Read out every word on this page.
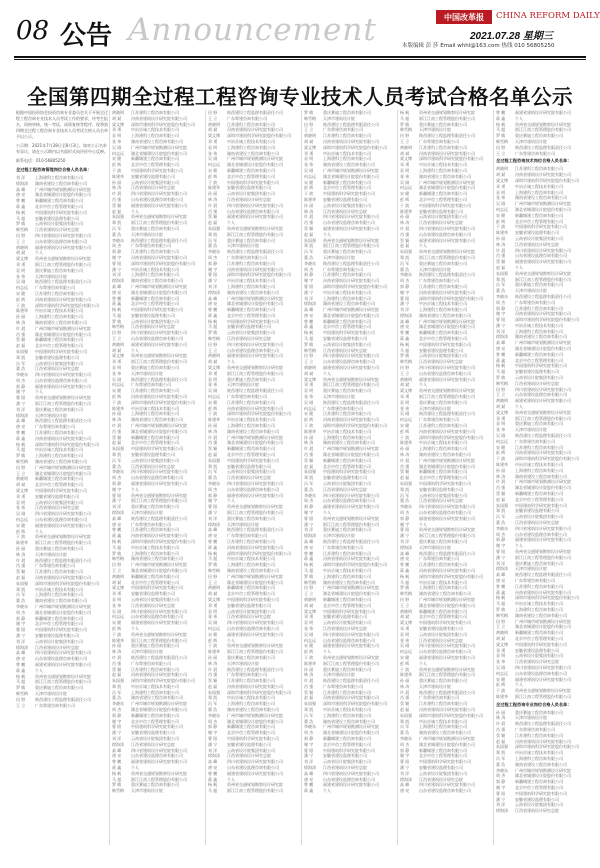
08 公告 Announcement	中国改革报	CHINA REFORM DAILY
2021.07.28 星期三
本版编辑 彭 莎 Email whhl@163.com 热线 010 56805250
全国第四期全过程工程咨询专业技术人员考试合格名单公示
根据中国投资协会投资咨询专业委员会关于开展全过程工程咨询专业技术人员考试工作的要求，经考生报名、资格审核、统一考试、成绩复核等程序，现将第四期全过程工程咨询专业技术人员考试合格人员名单予以公示。
公示期：2021年7月28日至8月3日。如对公示名单有异议，请在公示期内以书面形式向评价中心反映。
联系电话：010-56805250
全过程工程咨询管理岗位合格人员名单：
刘 洋	上海建科工程咨询有限公司
徐海涛	湖南省建设工程咨询有限公司
高 峰	广州市城市规划勘测设计研究院
唐 亮	湖北省城建设计院股份有限公司
曾 鹏	新疆城建工程咨询有限公司
蒋 鑫	北京中咨工程管理有限公司
杨 帆	中国建筑科学研究院有限公司
马 超	安徽省建设监理有限公司
罗 敏	云南省设计院集团有限公司
韩雪梅	江西省建筑设计研究总院
田 野	四川省建筑设计研究院有限公司
王 立	山东省建设监理咨询有限公司
黄晓明	福建省建筑设计研究院有限公司
胡 斌	个人
梁文博	贵州省交通规划勘察设计研究院
邓 勇	浙江江南工程管理股份有限公司
袁 明	重庆赛迪工程咨询有限公司
张 伟	天津市建筑设计院
吴 刚	陕西建设工程监理有限责任公司
何志远	广东粤建咨询有限公司
宋 健	江苏建科工程咨询有限公司
彭 辉	河南省建筑设计研究院有限公司
于 波	深圳市建筑科学研究院股份有限公司
陈建华	中冶京诚工程技术有限公司
孙 丽	上海建科工程咨询有限公司
林 涛	湖南省建设工程咨询有限公司
许 晨	广州市城市规划勘测设计研究院
肖 强	湖北省城建设计院股份有限公司
蔡 颖	新疆城建工程咨询有限公司
赵 磊	北京中咨工程管理有限公司
朱国强	中国建筑科学研究院有限公司
郑 凯	安徽省建设监理有限公司
冯 军	云南省设计院集团有限公司
董 浩	江西省建筑设计研究总院
李晓东	四川省建筑设计研究院有限公司
周 杰	山东省建设监理咨询有限公司
郭 静	福建省建筑设计研究院有限公司
谢 宇	个人
曹 阳	贵州省交通规划勘察设计研究院
潘 宁	浙江江南工程管理股份有限公司
刘 洋	重庆赛迪工程咨询有限公司
徐海涛	天津市建筑设计院
高 峰	陕西建设工程监理有限责任公司
唐 亮	广东粤建咨询有限公司
曾 鹏	江苏建科工程咨询有限公司
蒋 鑫	河南省建筑设计研究院有限公司
杨 帆	深圳市建筑科学研究院股份有限公司
马 超	中冶京诚工程技术有限公司
罗 敏	上海建科工程咨询有限公司
韩雪梅	湖南省建设工程咨询有限公司
田 野	广州市城市规划勘测设计研究院
王 立	湖北省城建设计院股份有限公司
黄晓明	新疆城建工程咨询有限公司
胡 斌	北京中咨工程管理有限公司
梁文博	中国建筑科学研究院有限公司
邓 勇	安徽省建设监理有限公司
袁 明	云南省设计院集团有限公司
张 伟	江西省建筑设计研究总院
吴 刚	四川省建筑设计研究院有限公司
何志远	山东省建设监理咨询有限公司
宋 健	福建省建筑设计研究院有限公司
彭 辉	个人
于 波	贵州省交通规划勘察设计研究院
陈建华	浙江江南工程管理股份有限公司
孙 丽	重庆赛迪工程咨询有限公司
林 涛	天津市建筑设计院
许 晨	陕西建设工程监理有限责任公司
肖 强	广东粤建咨询有限公司
蔡 颖	江苏建科工程咨询有限公司
赵 磊	河南省建筑设计研究院有限公司
朱国强	深圳市建筑科学研究院股份有限公司
郑 凯	中冶京诚工程技术有限公司
冯 军	上海建科工程咨询有限公司
董 浩	湖南省建设工程咨询有限公司
李晓东	广州市城市规划勘测设计研究院
周 杰	湖北省城建设计院股份有限公司
郭 静	新疆城建工程咨询有限公司
谢 宇	北京中咨工程管理有限公司
曹 阳	中国建筑科学研究院有限公司
潘 宁	安徽省建设监理有限公司
刘 洋	云南省设计院集团有限公司
徐海涛	江西省建筑设计研究总院
高 峰	四川省建筑设计研究院有限公司
唐 亮	山东省建设监理咨询有限公司
曾 鹏	福建省建筑设计研究院有限公司
蒋 鑫	个人
杨 帆	贵州省交通规划勘察设计研究院
马 超	浙江江南工程管理股份有限公司
罗 敏	重庆赛迪工程咨询有限公司
韩雪梅	天津市建筑设计院
田 野	陕西建设工程监理有限责任公司
王 立	广东粤建咨询有限公司
黄晓明	江苏建科工程咨询有限公司
胡 斌	河南省建筑设计研究院有限公司
梁文博	深圳市建筑科学研究院股份有限公司
邓 勇	中冶京诚工程技术有限公司
袁 明	上海建科工程咨询有限公司
张 伟	湖南省建设工程咨询有限公司
吴 刚	广州市城市规划勘测设计研究院
何志远	湖北省城建设计院股份有限公司
宋 健	新疆城建工程咨询有限公司
彭 辉	北京中咨工程管理有限公司
于 波	中国建筑科学研究院有限公司
陈建华	安徽省建设监理有限公司
孙 丽	云南省设计院集团有限公司
林 涛	江西省建筑设计研究总院
许 晨	四川省建筑设计研究院有限公司
肖 强	山东省建设监理咨询有限公司
蔡 颖	福建省建筑设计研究院有限公司
赵 磊	个人
朱国强	贵州省交通规划勘察设计研究院
郑 凯	浙江江南工程管理股份有限公司
冯 军	重庆赛迪工程咨询有限公司
董 浩	天津市建筑设计院
李晓东	陕西建设工程监理有限责任公司
周 杰	广东粤建咨询有限公司
郭 静	江苏建科工程咨询有限公司
谢 宇	河南省建筑设计研究院有限公司
曹 阳	深圳市建筑科学研究院股份有限公司
潘 宁	中冶京诚工程技术有限公司
刘 洋	上海建科工程咨询有限公司
徐海涛	湖南省建设工程咨询有限公司
高 峰	广州市城市规划勘测设计研究院
唐 亮	湖北省城建设计院股份有限公司
曾 鹏	新疆城建工程咨询有限公司
蒋 鑫	北京中咨工程管理有限公司
杨 帆	中国建筑科学研究院有限公司
马 超	安徽省建设监理有限公司
罗 敏	云南省设计院集团有限公司
韩雪梅	江西省建筑设计研究总院
田 野	四川省建筑设计研究院有限公司
王 立	山东省建设监理咨询有限公司
黄晓明	福建省建筑设计研究院有限公司
胡 斌	个人
梁文博	贵州省交通规划勘察设计研究院
邓 勇	浙江江南工程管理股份有限公司
袁 明	重庆赛迪工程咨询有限公司
张 伟	天津市建筑设计院
吴 刚	陕西建设工程监理有限责任公司
何志远	广东粤建咨询有限公司
宋 健	江苏建科工程咨询有限公司
彭 辉	河南省建筑设计研究院有限公司
于 波	深圳市建筑科学研究院股份有限公司
陈建华	中冶京诚工程技术有限公司
孙 丽	上海建科工程咨询有限公司
林 涛	湖南省建设工程咨询有限公司
许 晨	广州市城市规划勘测设计研究院
肖 强	湖北省城建设计院股份有限公司
蔡 颖	新疆城建工程咨询有限公司
赵 磊	北京中咨工程管理有限公司
朱国强	中国建筑科学研究院有限公司
郑 凯	安徽省建设监理有限公司
冯 军	云南省设计院集团有限公司
董 浩	江西省建筑设计研究总院
李晓东	四川省建筑设计研究院有限公司
周 杰	山东省建设监理咨询有限公司
郭 静	福建省建筑设计研究院有限公司
谢 宇	个人
曹 阳	贵州省交通规划勘察设计研究院
潘 宁	浙江江南工程管理股份有限公司
刘 洋	重庆赛迪工程咨询有限公司
徐海涛	天津市建筑设计院
高 峰	陕西建设工程监理有限责任公司
唐 亮	广东粤建咨询有限公司
曾 鹏	江苏建科工程咨询有限公司
蒋 鑫	河南省建筑设计研究院有限公司
杨 帆	深圳市建筑科学研究院股份有限公司
马 超	中冶京诚工程技术有限公司
罗 敏	上海建科工程咨询有限公司
韩雪梅	湖南省建设工程咨询有限公司
田 野	广州市城市规划勘测设计研究院
王 立	湖北省城建设计院股份有限公司
黄晓明	新疆城建工程咨询有限公司
胡 斌	北京中咨工程管理有限公司
梁文博	中国建筑科学研究院有限公司
邓 勇	安徽省建设监理有限公司
袁 明	云南省设计院集团有限公司
张 伟	江西省建筑设计研究总院
吴 刚	四川省建筑设计研究院有限公司
何志远	山东省建设监理咨询有限公司
宋 健	福建省建筑设计研究院有限公司
彭 辉	个人
于 波	贵州省交通规划勘察设计研究院
陈建华	浙江江南工程管理股份有限公司
孙 丽	重庆赛迪工程咨询有限公司
林 涛	天津市建筑设计院
许 晨	陕西建设工程监理有限责任公司
肖 强	广东粤建咨询有限公司
蔡 颖	江苏建科工程咨询有限公司
赵 磊	河南省建筑设计研究院有限公司
朱国强	深圳市建筑科学研究院股份有限公司
郑 凯	中冶京诚工程技术有限公司
冯 军	上海建科工程咨询有限公司
董 浩	湖南省建设工程咨询有限公司
李晓东	广州市城市规划勘测设计研究院
周 杰	湖北省城建设计院股份有限公司
郭 静	新疆城建工程咨询有限公司
谢 宇	北京中咨工程管理有限公司
曹 阳	中国建筑科学研究院有限公司
潘 宁	安徽省建设监理有限公司
刘 洋	云南省设计院集团有限公司
徐海涛	江西省建筑设计研究总院
高 峰	四川省建筑设计研究院有限公司
唐 亮	山东省建设监理咨询有限公司
曾 鹏	福建省建筑设计研究院有限公司
蒋 鑫	个人
杨 帆	贵州省交通规划勘察设计研究院
马 超	浙江江南工程管理股份有限公司
罗 敏	重庆赛迪工程咨询有限公司
韩雪梅	天津市建筑设计院
田 野	陕西建设工程监理有限责任公司
王 立	广东粤建咨询有限公司
黄晓明	江苏建科工程咨询有限公司
胡 斌	河南省建筑设计研究院有限公司
梁文博	深圳市建筑科学研究院股份有限公司
邓 勇	中冶京诚工程技术有限公司
袁 明	上海建科工程咨询有限公司
张 伟	湖南省建设工程咨询有限公司
吴 刚	广州市城市规划勘测设计研究院
何志远	湖北省城建设计院股份有限公司
宋 健	新疆城建工程咨询有限公司
彭 辉	北京中咨工程管理有限公司
于 波	中国建筑科学研究院有限公司
陈建华	安徽省建设监理有限公司
孙 丽	云南省设计院集团有限公司
林 涛	江西省建筑设计研究总院
许 晨	四川省建筑设计研究院有限公司
肖 强	山东省建设监理咨询有限公司
蔡 颖	福建省建筑设计研究院有限公司
赵 磊	个人
朱国强	贵州省交通规划勘察设计研究院
郑 凯	浙江江南工程管理股份有限公司
冯 军	重庆赛迪工程咨询有限公司
董 浩	天津市建筑设计院
李晓东	陕西建设工程监理有限责任公司
周 杰	广东粤建咨询有限公司
郭 静	江苏建科工程咨询有限公司
谢 宇	河南省建筑设计研究院有限公司
曹 阳	深圳市建筑科学研究院股份有限公司
潘 宁	中冶京诚工程技术有限公司
刘 洋	上海建科工程咨询有限公司
徐海涛	湖南省建设工程咨询有限公司
高 峰	广州市城市规划勘测设计研究院
唐 亮	湖北省城建设计院股份有限公司
曾 鹏	新疆城建工程咨询有限公司
蒋 鑫	北京中咨工程管理有限公司
杨 帆	中国建筑科学研究院有限公司
马 超	安徽省建设监理有限公司
罗 敏	云南省设计院集团有限公司
韩雪梅	江西省建筑设计研究总院
田 野	四川省建筑设计研究院有限公司
王 立	山东省建设监理咨询有限公司
黄晓明	福建省建筑设计研究院有限公司
胡 斌	个人
梁文博	贵州省交通规划勘察设计研究院
邓 勇	浙江江南工程管理股份有限公司
袁 明	重庆赛迪工程咨询有限公司
张 伟	天津市建筑设计院
吴 刚	陕西建设工程监理有限责任公司
何志远	广东粤建咨询有限公司
宋 健	江苏建科工程咨询有限公司
彭 辉	河南省建筑设计研究院有限公司
于 波	深圳市建筑科学研究院股份有限公司
陈建华	中冶京诚工程技术有限公司
孙 丽	上海建科工程咨询有限公司
林 涛	湖南省建设工程咨询有限公司
许 晨	广州市城市规划勘测设计研究院
肖 强	湖北省城建设计院股份有限公司
蔡 颖	新疆城建工程咨询有限公司
赵 磊	北京中咨工程管理有限公司
朱国强	中国建筑科学研究院有限公司
郑 凯	安徽省建设监理有限公司
冯 军	云南省设计院集团有限公司
董 浩	江西省建筑设计研究总院
李晓东	四川省建筑设计研究院有限公司
周 杰	山东省建设监理咨询有限公司
郭 静	福建省建筑设计研究院有限公司
谢 宇	个人
曹 阳	贵州省交通规划勘察设计研究院
潘 宁	浙江江南工程管理股份有限公司
刘 洋	重庆赛迪工程咨询有限公司
徐海涛	天津市建筑设计院
高 峰	陕西建设工程监理有限责任公司
唐 亮	广东粤建咨询有限公司
曾 鹏	江苏建科工程咨询有限公司
蒋 鑫	河南省建筑设计研究院有限公司
杨 帆	深圳市建筑科学研究院股份有限公司
马 超	中冶京诚工程技术有限公司
罗 敏	上海建科工程咨询有限公司
韩雪梅	湖南省建设工程咨询有限公司
田 野	广州市城市规划勘测设计研究院
王 立	湖北省城建设计院股份有限公司
黄晓明	新疆城建工程咨询有限公司
胡 斌	北京中咨工程管理有限公司
梁文博	中国建筑科学研究院有限公司
邓 勇	安徽省建设监理有限公司
袁 明	云南省设计院集团有限公司
张 伟	江西省建筑设计研究总院
吴 刚	四川省建筑设计研究院有限公司
何志远	山东省建设监理咨询有限公司
宋 健	福建省建筑设计研究院有限公司
彭 辉	个人
于 波	贵州省交通规划勘察设计研究院
陈建华	浙江江南工程管理股份有限公司
孙 丽	重庆赛迪工程咨询有限公司
林 涛	天津市建筑设计院
许 晨	陕西建设工程监理有限责任公司
肖 强	广东粤建咨询有限公司
蔡 颖	江苏建科工程咨询有限公司
赵 磊	河南省建筑设计研究院有限公司
朱国强	深圳市建筑科学研究院股份有限公司
郑 凯	中冶京诚工程技术有限公司
冯 军	上海建科工程咨询有限公司
董 浩	湖南省建设工程咨询有限公司
李晓东	广州市城市规划勘测设计研究院
周 杰	湖北省城建设计院股份有限公司
郭 静	新疆城建工程咨询有限公司
谢 宇	北京中咨工程管理有限公司
曹 阳	中国建筑科学研究院有限公司
潘 宁	安徽省建设监理有限公司
刘 洋	云南省设计院集团有限公司
徐海涛	江西省建筑设计研究总院
高 峰	四川省建筑设计研究院有限公司
唐 亮	山东省建设监理咨询有限公司
曾 鹏	福建省建筑设计研究院有限公司
蒋 鑫	个人
杨 帆	贵州省交通规划勘察设计研究院
马 超	浙江江南工程管理股份有限公司
罗 敏	重庆赛迪工程咨询有限公司
韩雪梅	天津市建筑设计院
田 野	陕西建设工程监理有限责任公司
王 立	广东粤建咨询有限公司
黄晓明	江苏建科工程咨询有限公司
胡 斌	河南省建筑设计研究院有限公司
梁文博	深圳市建筑科学研究院股份有限公司
邓 勇	中冶京诚工程技术有限公司
袁 明	上海建科工程咨询有限公司
张 伟	湖南省建设工程咨询有限公司
吴 刚	广州市城市规划勘测设计研究院
何志远	湖北省城建设计院股份有限公司
宋 健	新疆城建工程咨询有限公司
彭 辉	北京中咨工程管理有限公司
于 波	中国建筑科学研究院有限公司
陈建华	安徽省建设监理有限公司
孙 丽	云南省设计院集团有限公司
林 涛	江西省建筑设计研究总院
许 晨	四川省建筑设计研究院有限公司
肖 强	山东省建设监理咨询有限公司
蔡 颖	福建省建筑设计研究院有限公司
赵 磊	个人
朱国强	贵州省交通规划勘察设计研究院
郑 凯	浙江江南工程管理股份有限公司
冯 军	重庆赛迪工程咨询有限公司
董 浩	天津市建筑设计院
李晓东	陕西建设工程监理有限责任公司
周 杰	广东粤建咨询有限公司
郭 静	江苏建科工程咨询有限公司
谢 宇	河南省建筑设计研究院有限公司
曹 阳	深圳市建筑科学研究院股份有限公司
潘 宁	中冶京诚工程技术有限公司
刘 洋	上海建科工程咨询有限公司
徐海涛	湖南省建设工程咨询有限公司
高 峰	广州市城市规划勘测设计研究院
唐 亮	湖北省城建设计院股份有限公司
曾 鹏	新疆城建工程咨询有限公司
蒋 鑫	北京中咨工程管理有限公司
杨 帆	中国建筑科学研究院有限公司
马 超	安徽省建设监理有限公司
罗 敏	云南省设计院集团有限公司
韩雪梅	江西省建筑设计研究总院
田 野	四川省建筑设计研究院有限公司
王 立	山东省建设监理咨询有限公司
黄晓明	福建省建筑设计研究院有限公司
胡 斌	个人
梁文博	贵州省交通规划勘察设计研究院
邓 勇	浙江江南工程管理股份有限公司
袁 明	重庆赛迪工程咨询有限公司
张 伟	天津市建筑设计院
吴 刚	陕西建设工程监理有限责任公司
何志远	广东粤建咨询有限公司
宋 健	江苏建科工程咨询有限公司
彭 辉	河南省建筑设计研究院有限公司
于 波	深圳市建筑科学研究院股份有限公司
陈建华	中冶京诚工程技术有限公司
孙 丽	上海建科工程咨询有限公司
林 涛	湖南省建设工程咨询有限公司
许 晨	广州市城市规划勘测设计研究院
肖 强	湖北省城建设计院股份有限公司
蔡 颖	新疆城建工程咨询有限公司
赵 磊	北京中咨工程管理有限公司
朱国强	中国建筑科学研究院有限公司
郑 凯	安徽省建设监理有限公司
冯 军	云南省设计院集团有限公司
董 浩	江西省建筑设计研究总院
李晓东	四川省建筑设计研究院有限公司
周 杰	山东省建设监理咨询有限公司
郭 静	福建省建筑设计研究院有限公司
谢 宇	个人
曹 阳	贵州省交通规划勘察设计研究院
潘 宁	浙江江南工程管理股份有限公司
刘 洋	重庆赛迪工程咨询有限公司
徐海涛	天津市建筑设计院
高 峰	陕西建设工程监理有限责任公司
唐 亮	广东粤建咨询有限公司
曾 鹏	江苏建科工程咨询有限公司
蒋 鑫	河南省建筑设计研究院有限公司
杨 帆	深圳市建筑科学研究院股份有限公司
马 超	中冶京诚工程技术有限公司
罗 敏	上海建科工程咨询有限公司
韩雪梅	湖南省建设工程咨询有限公司
田 野	广州市城市规划勘测设计研究院
王 立	湖北省城建设计院股份有限公司
黄晓明	新疆城建工程咨询有限公司
胡 斌	北京中咨工程管理有限公司
梁文博	中国建筑科学研究院有限公司
邓 勇	安徽省建设监理有限公司
袁 明	云南省设计院集团有限公司
张 伟	江西省建筑设计研究总院
吴 刚	四川省建筑设计研究院有限公司
何志远	山东省建设监理咨询有限公司
宋 健	福建省建筑设计研究院有限公司
彭 辉	个人
于 波	贵州省交通规划勘察设计研究院
陈建华	浙江江南工程管理股份有限公司
孙 丽	重庆赛迪工程咨询有限公司
林 涛	天津市建筑设计院
许 晨	陕西建设工程监理有限责任公司
肖 强	广东粤建咨询有限公司
蔡 颖	江苏建科工程咨询有限公司
赵 磊	河南省建筑设计研究院有限公司
朱国强	深圳市建筑科学研究院股份有限公司
郑 凯	中冶京诚工程技术有限公司
冯 军	上海建科工程咨询有限公司
董 浩	湖南省建设工程咨询有限公司
李晓东	广州市城市规划勘测设计研究院
周 杰	湖北省城建设计院股份有限公司
郭 静	新疆城建工程咨询有限公司
谢 宇	北京中咨工程管理有限公司
曹 阳	中国建筑科学研究院有限公司
潘 宁	安徽省建设监理有限公司
刘 洋	云南省设计院集团有限公司
徐海涛	江西省建筑设计研究总院
高 峰	四川省建筑设计研究院有限公司
唐 亮	山东省建设监理咨询有限公司
曾 鹏	福建省建筑设计研究院有限公司
蒋 鑫	个人
杨 帆	贵州省交通规划勘察设计研究院
马 超	浙江江南工程管理股份有限公司
罗 敏	重庆赛迪工程咨询有限公司
韩雪梅	天津市建筑设计院
田 野	陕西建设工程监理有限责任公司
王 立	广东粤建咨询有限公司
黄晓明	江苏建科工程咨询有限公司
胡 斌	河南省建筑设计研究院有限公司
梁文博	深圳市建筑科学研究院股份有限公司
邓 勇	中冶京诚工程技术有限公司
袁 明	上海建科工程咨询有限公司
张 伟	湖南省建设工程咨询有限公司
吴 刚	广州市城市规划勘测设计研究院
何志远	湖北省城建设计院股份有限公司
宋 健	新疆城建工程咨询有限公司
彭 辉	北京中咨工程管理有限公司
于 波	中国建筑科学研究院有限公司
陈建华	安徽省建设监理有限公司
孙 丽	云南省设计院集团有限公司
林 涛	江西省建筑设计研究总院
许 晨	四川省建筑设计研究院有限公司
肖 强	山东省建设监理咨询有限公司
蔡 颖	福建省建筑设计研究院有限公司
赵 磊	个人
朱国强	贵州省交通规划勘察设计研究院
郑 凯	浙江江南工程管理股份有限公司
冯 军	重庆赛迪工程咨询有限公司
董 浩	天津市建筑设计院
李晓东	陕西建设工程监理有限责任公司
周 杰	广东粤建咨询有限公司
郭 静	江苏建科工程咨询有限公司
谢 宇	河南省建筑设计研究院有限公司
曹 阳	深圳市建筑科学研究院股份有限公司
潘 宁	中冶京诚工程技术有限公司
刘 洋	上海建科工程咨询有限公司
徐海涛	湖南省建设工程咨询有限公司
高 峰	广州市城市规划勘测设计研究院
唐 亮	湖北省城建设计院股份有限公司
曾 鹏	新疆城建工程咨询有限公司
蒋 鑫	北京中咨工程管理有限公司
杨 帆	中国建筑科学研究院有限公司
马 超	安徽省建设监理有限公司
罗 敏	云南省设计院集团有限公司
韩雪梅	江西省建筑设计研究总院
田 野	四川省建筑设计研究院有限公司
王 立	山东省建设监理咨询有限公司
黄晓明	福建省建筑设计研究院有限公司
胡 斌	个人
梁文博	贵州省交通规划勘察设计研究院
邓 勇	浙江江南工程管理股份有限公司
袁 明	重庆赛迪工程咨询有限公司
张 伟	天津市建筑设计院
吴 刚	陕西建设工程监理有限责任公司
何志远	广东粤建咨询有限公司
宋 健	江苏建科工程咨询有限公司
彭 辉	河南省建筑设计研究院有限公司
于 波	深圳市建筑科学研究院股份有限公司
陈建华	中冶京诚工程技术有限公司
孙 丽	上海建科工程咨询有限公司
林 涛	湖南省建设工程咨询有限公司
许 晨	广州市城市规划勘测设计研究院
肖 强	湖北省城建设计院股份有限公司
蔡 颖	新疆城建工程咨询有限公司
赵 磊	北京中咨工程管理有限公司
朱国强	中国建筑科学研究院有限公司
郑 凯	安徽省建设监理有限公司
冯 军	云南省设计院集团有限公司
董 浩	江西省建筑设计研究总院
李晓东	四川省建筑设计研究院有限公司
周 杰	山东省建设监理咨询有限公司
郭 静	福建省建筑设计研究院有限公司
谢 宇	个人
曹 阳	贵州省交通规划勘察设计研究院
潘 宁	浙江江南工程管理股份有限公司
刘 洋	重庆赛迪工程咨询有限公司
徐海涛	天津市建筑设计院
高 峰	陕西建设工程监理有限责任公司
唐 亮	广东粤建咨询有限公司
曾 鹏	江苏建科工程咨询有限公司
蒋 鑫	河南省建筑设计研究院有限公司
杨 帆	深圳市建筑科学研究院股份有限公司
马 超	中冶京诚工程技术有限公司
罗 敏	上海建科工程咨询有限公司
韩雪梅	湖南省建设工程咨询有限公司
田 野	广州市城市规划勘测设计研究院
王 立	湖北省城建设计院股份有限公司
黄晓明	新疆城建工程咨询有限公司
胡 斌	北京中咨工程管理有限公司
梁文博	中国建筑科学研究院有限公司
邓 勇	安徽省建设监理有限公司
袁 明	云南省设计院集团有限公司
张 伟	江西省建筑设计研究总院
吴 刚	四川省建筑设计研究院有限公司
何志远	山东省建设监理咨询有限公司
宋 健	福建省建筑设计研究院有限公司
彭 辉	个人
于 波	贵州省交通规划勘察设计研究院
陈建华	浙江江南工程管理股份有限公司
孙 丽	重庆赛迪工程咨询有限公司
林 涛	天津市建筑设计院
许 晨	陕西建设工程监理有限责任公司
肖 强	广东粤建咨询有限公司
蔡 颖	江苏建科工程咨询有限公司
赵 磊	河南省建筑设计研究院有限公司
朱国强	深圳市建筑科学研究院股份有限公司
郑 凯	中冶京诚工程技术有限公司
冯 军	上海建科工程咨询有限公司
董 浩	湖南省建设工程咨询有限公司
李晓东	广州市城市规划勘测设计研究院
周 杰	湖北省城建设计院股份有限公司
郭 静	新疆城建工程咨询有限公司
谢 宇	北京中咨工程管理有限公司
曹 阳	中国建筑科学研究院有限公司
潘 宁	安徽省建设监理有限公司
刘 洋	云南省设计院集团有限公司
徐海涛	江西省建筑设计研究总院
高 峰	四川省建筑设计研究院有限公司
唐 亮	山东省建设监理咨询有限公司
曾 鹏	福建省建筑设计研究院有限公司
蒋 鑫	个人
杨 帆	贵州省交通规划勘察设计研究院
马 超	浙江江南工程管理股份有限公司
罗 敏	重庆赛迪工程咨询有限公司
韩雪梅	天津市建筑设计院
田 野	陕西建设工程监理有限责任公司
王 立	广东粤建咨询有限公司
全过程工程咨询技术岗位合格人员名单：
黄晓明	江苏建科工程咨询有限公司
胡 斌	河南省建筑设计研究院有限公司
梁文博	深圳市建筑科学研究院股份有限公司
邓 勇	中冶京诚工程技术有限公司
袁 明	上海建科工程咨询有限公司
张 伟	湖南省建设工程咨询有限公司
吴 刚	广州市城市规划勘测设计研究院
何志远	湖北省城建设计院股份有限公司
宋 健	新疆城建工程咨询有限公司
彭 辉	北京中咨工程管理有限公司
于 波	中国建筑科学研究院有限公司
陈建华	安徽省建设监理有限公司
孙 丽	云南省设计院集团有限公司
林 涛	江西省建筑设计研究总院
许 晨	四川省建筑设计研究院有限公司
肖 强	山东省建设监理咨询有限公司
蔡 颖	福建省建筑设计研究院有限公司
赵 磊	个人
朱国强	贵州省交通规划勘察设计研究院
郑 凯	浙江江南工程管理股份有限公司
冯 军	重庆赛迪工程咨询有限公司
董 浩	天津市建筑设计院
李晓东	陕西建设工程监理有限责任公司
周 杰	广东粤建咨询有限公司
郭 静	江苏建科工程咨询有限公司
谢 宇	河南省建筑设计研究院有限公司
曹 阳	深圳市建筑科学研究院股份有限公司
潘 宁	中冶京诚工程技术有限公司
刘 洋	上海建科工程咨询有限公司
徐海涛	湖南省建设工程咨询有限公司
高 峰	广州市城市规划勘测设计研究院
唐 亮	湖北省城建设计院股份有限公司
曾 鹏	新疆城建工程咨询有限公司
蒋 鑫	北京中咨工程管理有限公司
杨 帆	中国建筑科学研究院有限公司
马 超	安徽省建设监理有限公司
罗 敏	云南省设计院集团有限公司
韩雪梅	江西省建筑设计研究总院
田 野	四川省建筑设计研究院有限公司
王 立	山东省建设监理咨询有限公司
黄晓明	福建省建筑设计研究院有限公司
胡 斌	个人
梁文博	贵州省交通规划勘察设计研究院
邓 勇	浙江江南工程管理股份有限公司
袁 明	重庆赛迪工程咨询有限公司
张 伟	天津市建筑设计院
吴 刚	陕西建设工程监理有限责任公司
何志远	广东粤建咨询有限公司
宋 健	江苏建科工程咨询有限公司
彭 辉	河南省建筑设计研究院有限公司
于 波	深圳市建筑科学研究院股份有限公司
陈建华	中冶京诚工程技术有限公司
孙 丽	上海建科工程咨询有限公司
林 涛	湖南省建设工程咨询有限公司
许 晨	广州市城市规划勘测设计研究院
肖 强	湖北省城建设计院股份有限公司
蔡 颖	新疆城建工程咨询有限公司
赵 磊	北京中咨工程管理有限公司
朱国强	中国建筑科学研究院有限公司
郑 凯	安徽省建设监理有限公司
冯 军	云南省设计院集团有限公司
董 浩	江西省建筑设计研究总院
李晓东	四川省建筑设计研究院有限公司
周 杰	山东省建设监理咨询有限公司
郭 静	福建省建筑设计研究院有限公司
谢 宇	个人
曹 阳	贵州省交通规划勘察设计研究院
潘 宁	浙江江南工程管理股份有限公司
刘 洋	重庆赛迪工程咨询有限公司
徐海涛	天津市建筑设计院
高 峰	陕西建设工程监理有限责任公司
唐 亮	广东粤建咨询有限公司
曾 鹏	江苏建科工程咨询有限公司
蒋 鑫	河南省建筑设计研究院有限公司
杨 帆	深圳市建筑科学研究院股份有限公司
马 超	中冶京诚工程技术有限公司
罗 敏	上海建科工程咨询有限公司
韩雪梅	湖南省建设工程咨询有限公司
田 野	广州市城市规划勘测设计研究院
王 立	湖北省城建设计院股份有限公司
黄晓明	新疆城建工程咨询有限公司
胡 斌	北京中咨工程管理有限公司
梁文博	中国建筑科学研究院有限公司
邓 勇	安徽省建设监理有限公司
袁 明	云南省设计院集团有限公司
张 伟	江西省建筑设计研究总院
吴 刚	四川省建筑设计研究院有限公司
何志远	山东省建设监理咨询有限公司
宋 健	福建省建筑设计研究院有限公司
彭 辉	个人
于 波	贵州省交通规划勘察设计研究院
陈建华	浙江江南工程管理股份有限公司
全过程工程咨询专业岗位合格人员名单：
孙 丽	重庆赛迪工程咨询有限公司
林 涛	天津市建筑设计院
许 晨	陕西建设工程监理有限责任公司
肖 强	广东粤建咨询有限公司
蔡 颖	江苏建科工程咨询有限公司
赵 磊	河南省建筑设计研究院有限公司
朱国强	深圳市建筑科学研究院股份有限公司
郑 凯	中冶京诚工程技术有限公司
冯 军	上海建科工程咨询有限公司
董 浩	湖南省建设工程咨询有限公司
李晓东	广州市城市规划勘测设计研究院
周 杰	湖北省城建设计院股份有限公司
郭 静	新疆城建工程咨询有限公司
谢 宇	北京中咨工程管理有限公司
曹 阳	中国建筑科学研究院有限公司
潘 宁	安徽省建设监理有限公司
刘 洋	云南省设计院集团有限公司
徐海涛	江西省建筑设计研究总院
